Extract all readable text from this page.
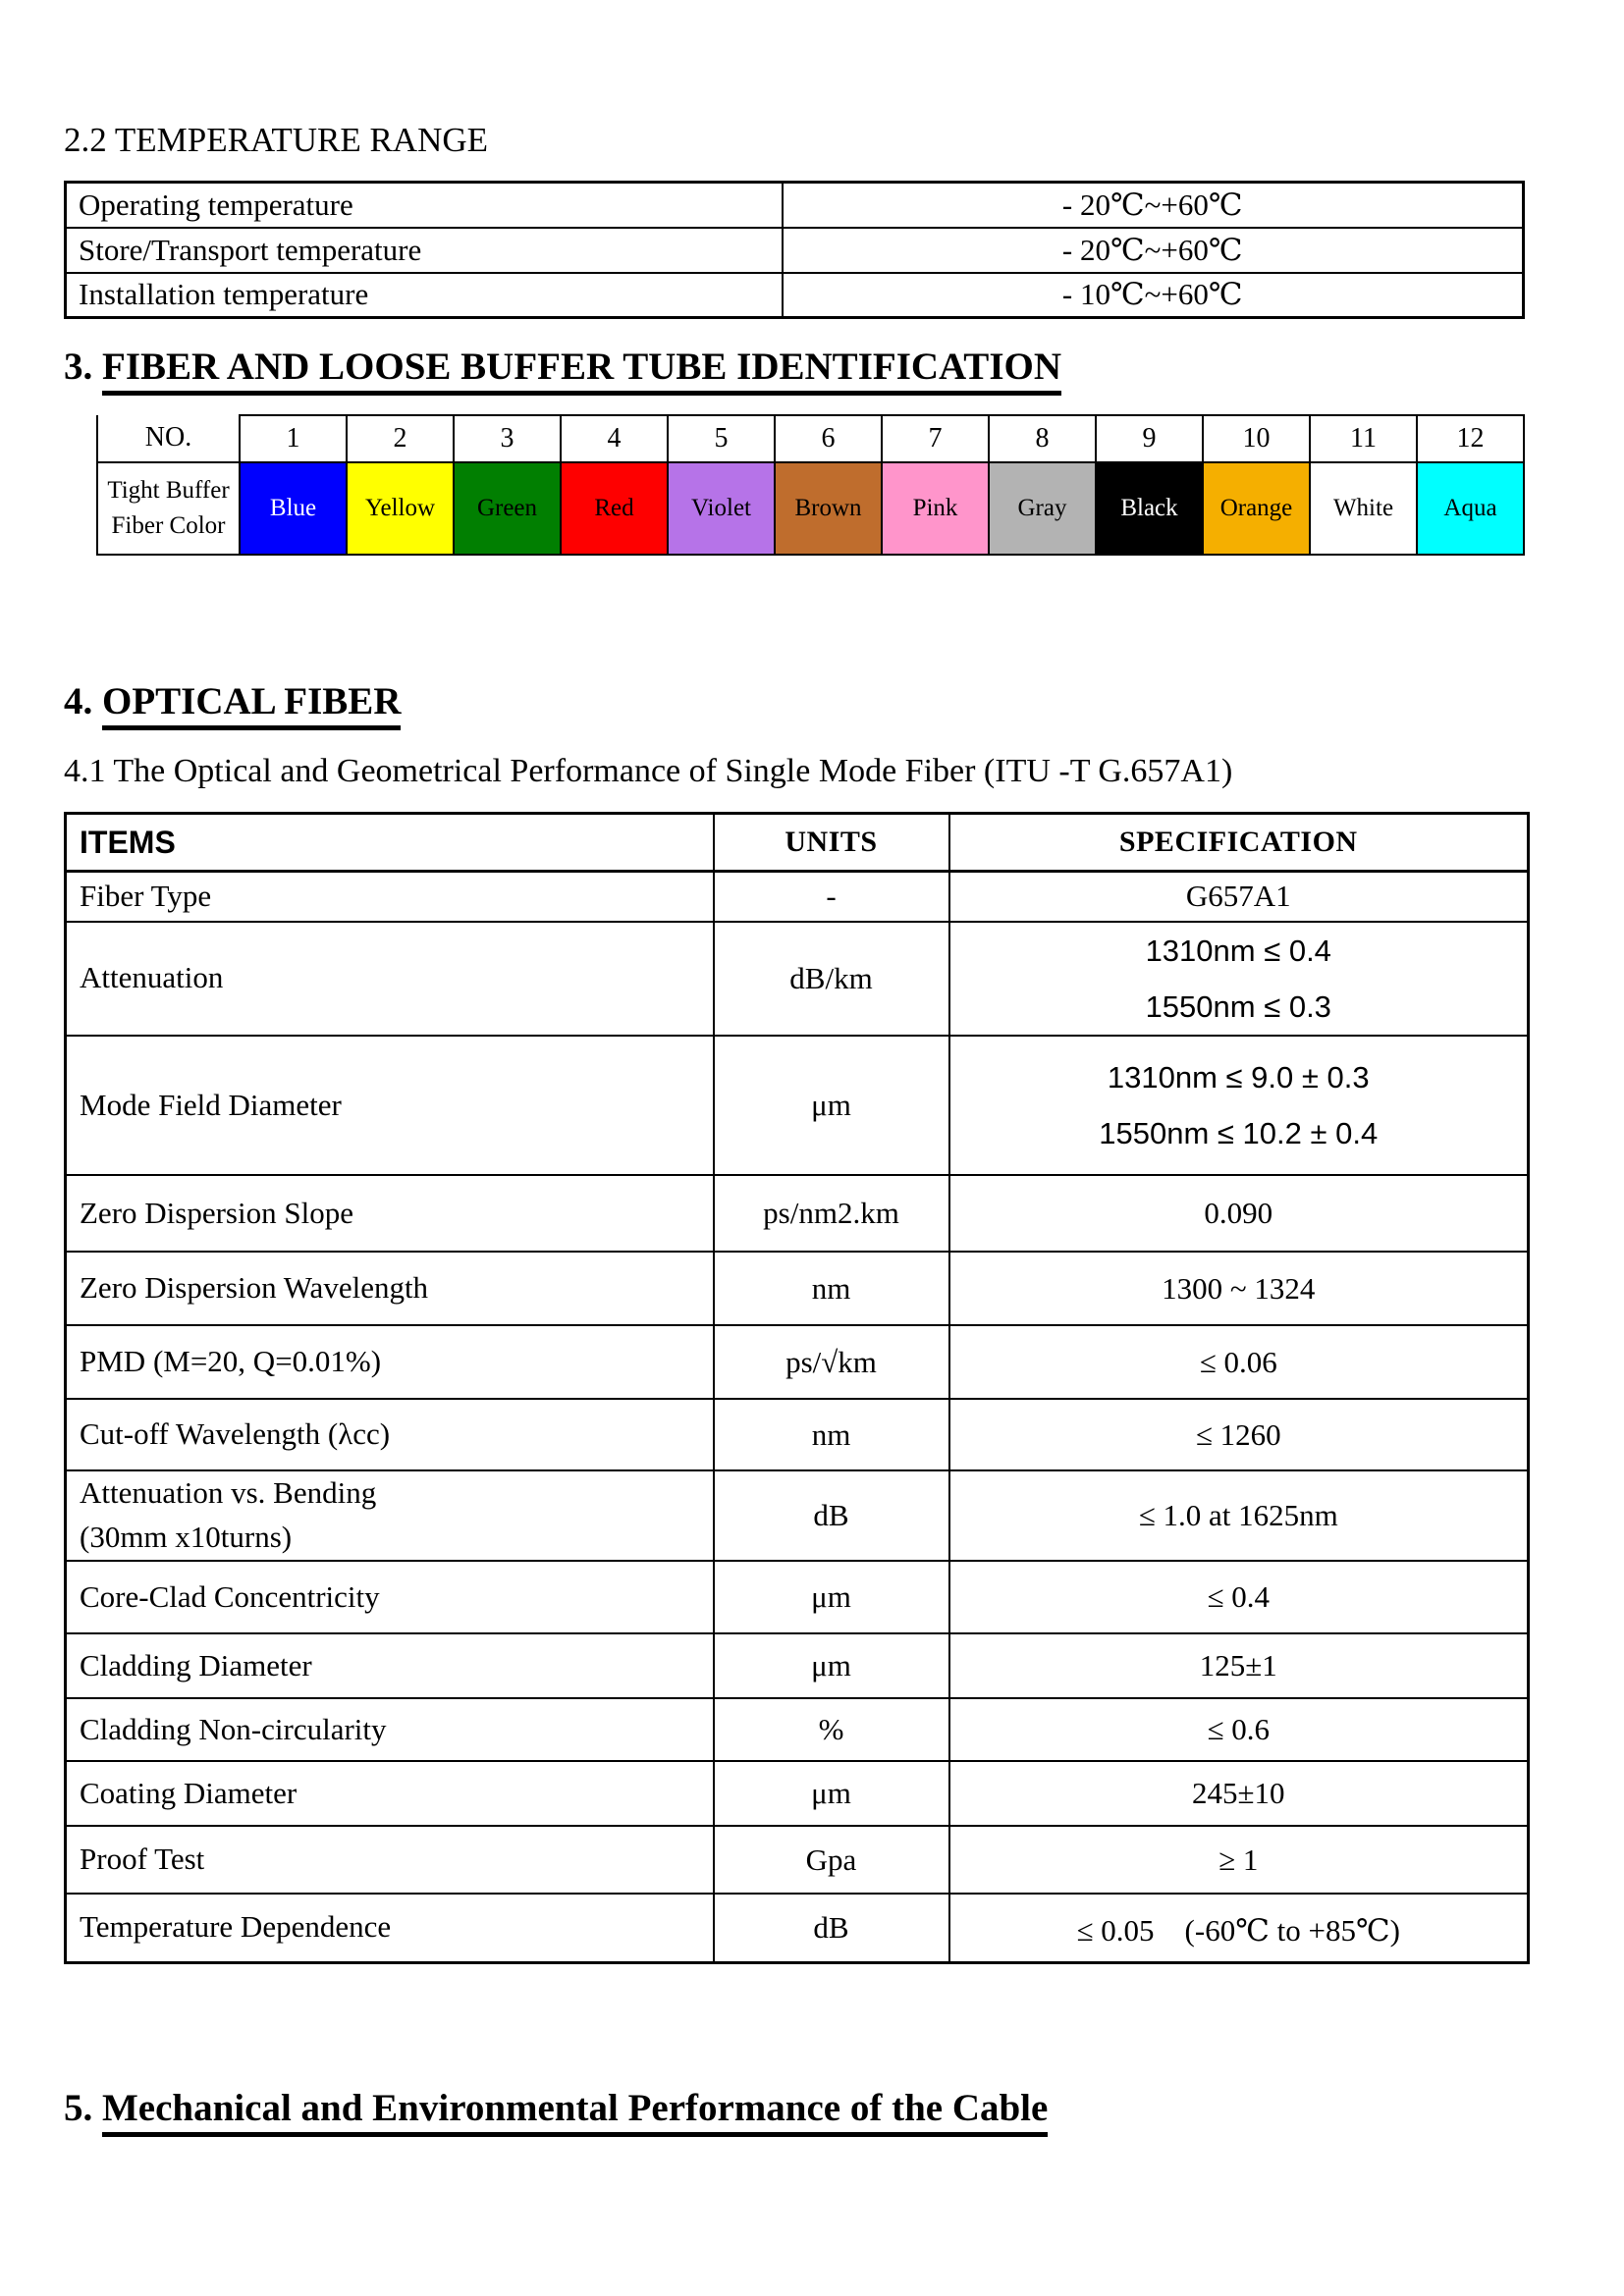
2.2 TEMPERATURE RANGE
Operating temperature	- 20℃~+60℃
Store/Transport temperature	- 20℃~+60℃
Installation temperature	- 10℃~+60℃
3. FIBER AND LOOSE BUFFER TUBE IDENTIFICATION
NO.	1	2	3	4	5	6	7	8	9	10	11	12

Tight Buffer
Fiber Color	Blue	Yellow	Green	Red	Violet	Brown	Pink	Gray	Black	Orange	White	Aqua
4. OPTICAL FIBER

4.1 The Optical and Geometrical Performance of Single Mode Fiber (ITU -T G.657A1)

ITEMS	UNITS	SPECIFICATION
Fiber Type	-	G657A1
Attenuation	dB/km	1310nm ≤ 0.4
1550nm ≤ 0.3

Mode Field Diameter	μm	1310nm ≤ 9.0 ± 0.3
1550nm ≤ 10.2 ± 0.4

Zero Dispersion Slope	ps/nm2.km	0.090
Zero Dispersion Wavelength	nm	1300 ~ 1324
PMD (M=20, Q=0.01%)	ps/√km	≤ 0.06
Cut-off Wavelength (λcc)	nm	≤ 1260

Attenuation vs. Bending
(30mm x10turns)	dB	≤ 1.0 at 1625nm
Core-Clad Concentricity	μm	≤ 0.4
Cladding Diameter	μm	125±1
Cladding Non-circularity	%	≤ 0.6
Coating Diameter	μm	245±10
Proof Test	Gpa	≥ 1
Temperature Dependence	dB	≤ 0.05　(-60℃ to +85℃)
5. Mechanical and Environmental Performance of the Cable
